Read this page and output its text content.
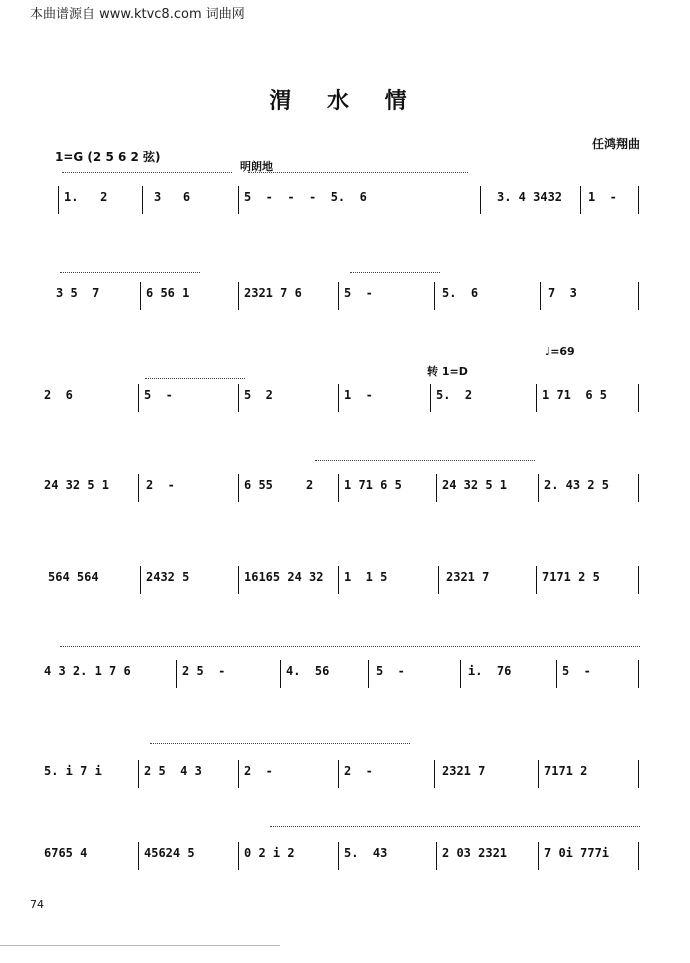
本曲谱源自 www.ktvc8.com 词曲网
渭 水 情
任鸿翔曲
1=G (2 5 6 2 弦)
明朗地
转 1=D
♩=69
1.   2	3   6	5  -  -  -  5.  6	3. 4 3432 1  -
3 5  7	6 56 1	2321 7 6	5  -	5.  6	7  3
2  6	5  -	5  2	1  -	5.  2	1 71  6 5
24 32 5 1	2  -	6 55	2	1 71 6 5	24 32 5 1	2. 43 2 5
564 564	2432 5	16165 24 32 1  1 5	2321 7	7171 2 5
4 3 2. 1 7 6	2 5  -	4.  56	5  -	i.  76	5  -
5. i 7 i	2 5  4 3	2  -	2  -	2321 7	7171 2
6765 4	45624 5	0 2 i 2	5.  43	2 03 2321	7 0i 777i
74
